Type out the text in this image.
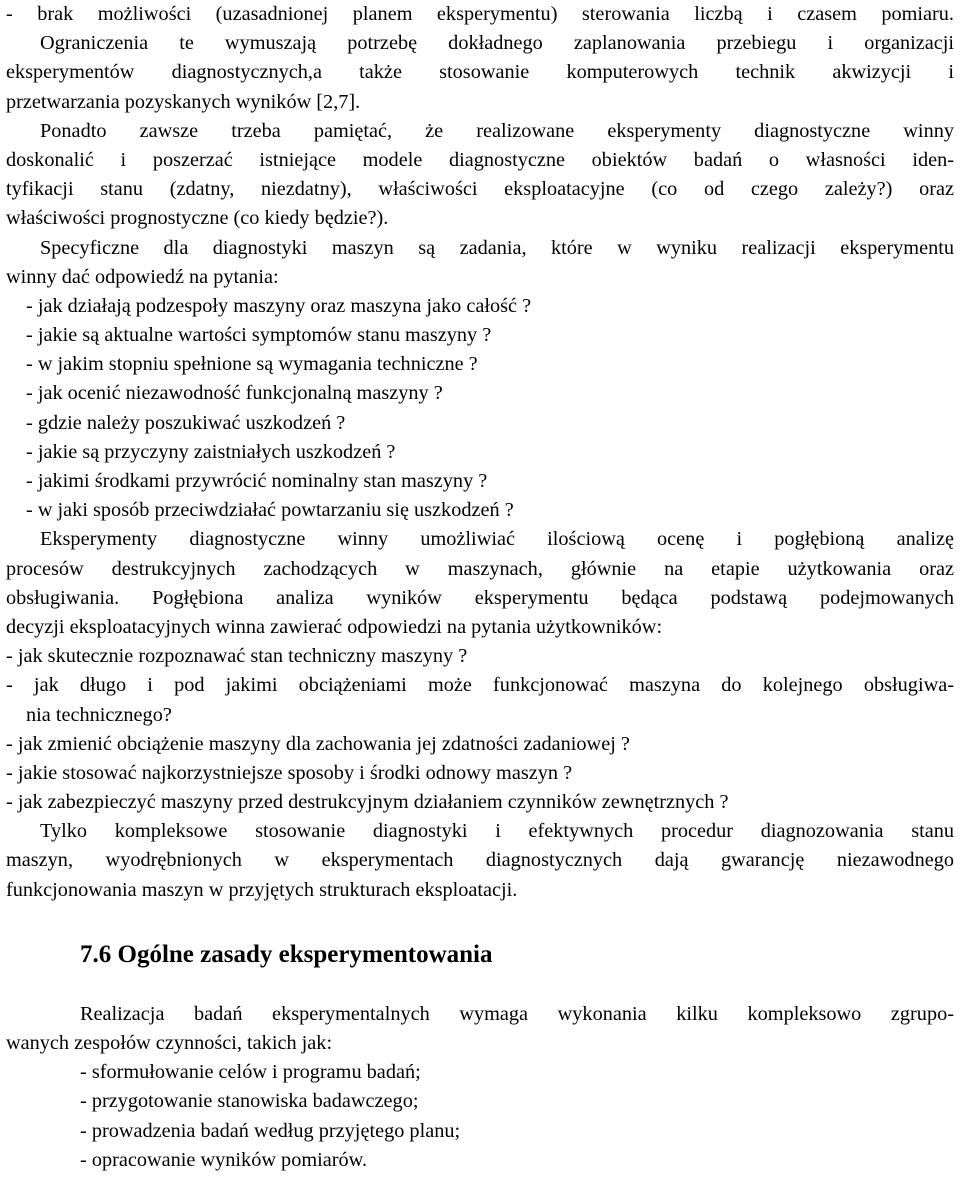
- brak możliwości (uzasadnionej planem eksperymentu) sterowania liczbą i czasem pomiaru.
Ograniczenia te wymuszają potrzebę dokładnego zaplanowania przebiegu i organizacji
eksperymentów diagnostycznych,a także stosowanie komputerowych technik akwizycji i
przetwarzania pozyskanych wyników [2,7].
Ponadto zawsze trzeba pamiętać, że realizowane eksperymenty diagnostyczne winny
doskonalić i poszerzać istniejące modele diagnostyczne obiektów badań o własności iden-
tyfikacji stanu (zdatny, niezdatny), właściwości eksploatacyjne (co od czego zależy?) oraz
właściwości prognostyczne (co kiedy będzie?).
Specyficzne dla diagnostyki maszyn są zadania, które w wyniku realizacji eksperymentu
winny dać odpowiedź na pytania:
- jak działają podzespoły maszyny oraz maszyna jako całość ?
- jakie są aktualne wartości symptomów stanu maszyny ?
- w jakim stopniu spełnione są wymagania techniczne ?
- jak ocenić niezawodność funkcjonalną maszyny ?
- gdzie należy poszukiwać uszkodzeń ?
- jakie są przyczyny zaistniałych uszkodzeń ?
- jakimi środkami przywrócić nominalny stan maszyny ?
- w jaki sposób przeciwdziałać powtarzaniu się uszkodzeń ?
Eksperymenty diagnostyczne winny umożliwiać ilościową ocenę i pogłębioną analizę
procesów destrukcyjnych zachodzących w maszynach, głównie na etapie użytkowania oraz
obsługiwania. Pogłębiona analiza wyników eksperymentu będąca podstawą podejmowanych
decyzji eksploatacyjnych winna zawierać odpowiedzi na pytania użytkowników:
- jak skutecznie rozpoznawać stan techniczny maszyny ?
- jak długo i pod jakimi obciążeniami może funkcjonować maszyna do kolejnego obsługiwa-
nia technicznego?
- jak zmienić obciążenie maszyny dla zachowania jej zdatności zadaniowej ?
- jakie stosować najkorzystniejsze sposoby i środki odnowy maszyn ?
- jak zabezpieczyć maszyny przed destrukcyjnym działaniem czynników zewnętrznych ?
Tylko kompleksowe stosowanie diagnostyki i efektywnych procedur diagnozowania stanu
maszyn, wyodrębnionych w eksperymentach diagnostycznych dają gwarancję niezawodnego
funkcjonowania maszyn w przyjętych strukturach eksploatacji.
7.6 Ogólne zasady eksperymentowania
Realizacja badań eksperymentalnych wymaga wykonania kilku kompleksowo zgrupo-
wanych zespołów czynności, takich jak:
- sformułowanie celów i programu badań;
- przygotowanie stanowiska badawczego;
- prowadzenia badań według przyjętego planu;
- opracowanie wyników pomiarów.
